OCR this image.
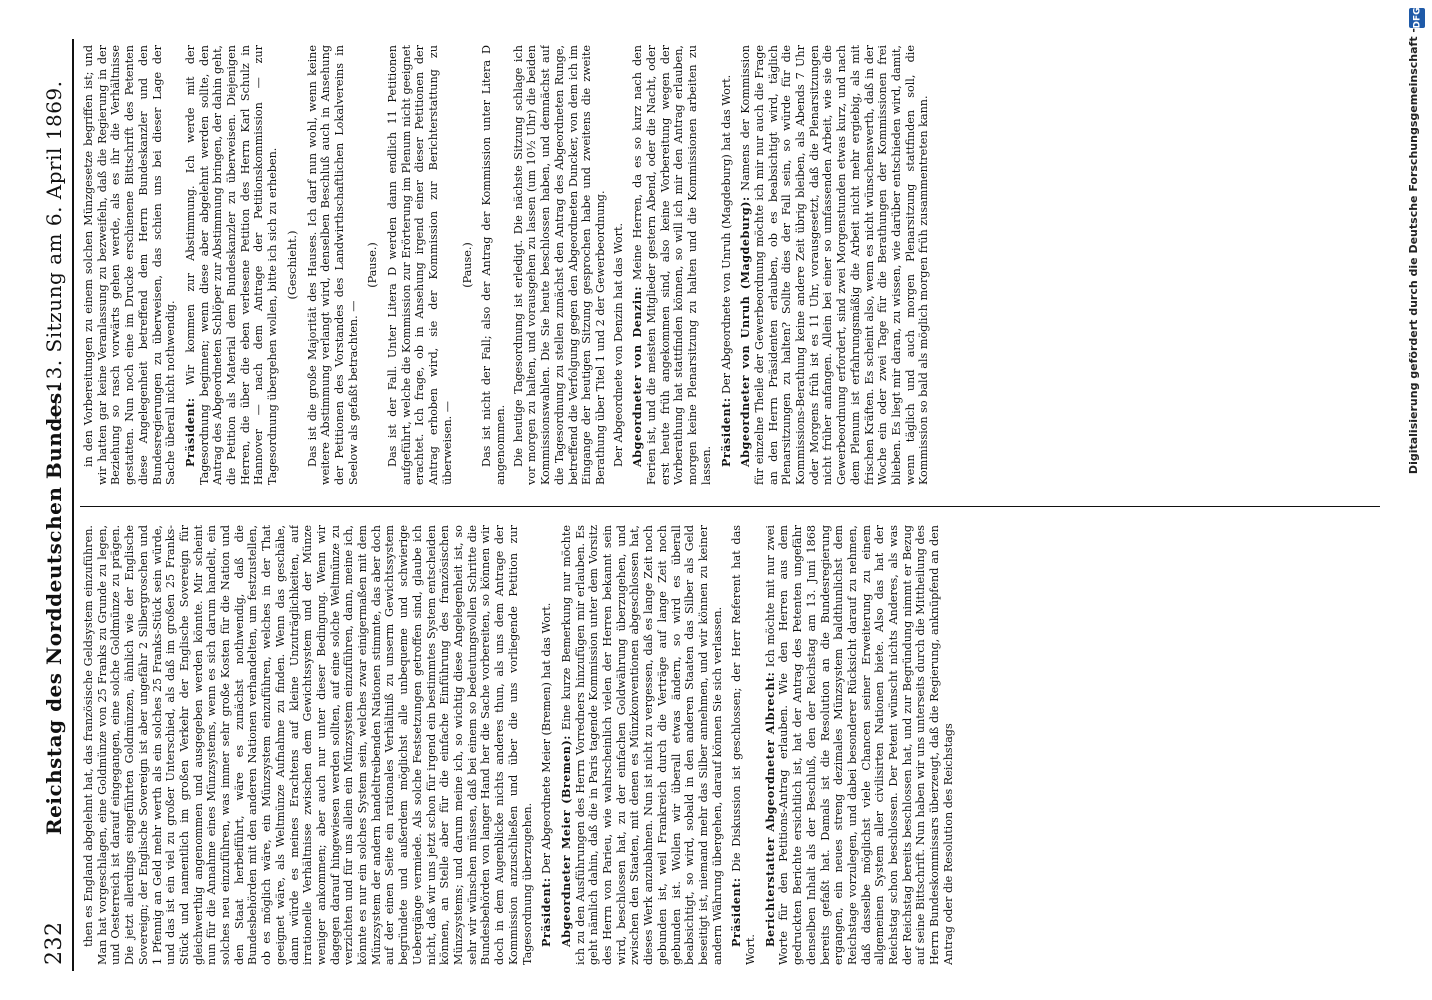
232
Reichstag des Norddeutschen Bundes.
— 13. Sitzung am 6. April 1869.

then es England abgelehnt hat, das französische Geldsystem einzuführen. Man hat vorgeschlagen, eine Goldmünze von 25 Franks zu Grunde zu legen, und Oesterreich ist darauf eingegangen, eine solche Goldmünze zu prägen. Die jetzt allerdings eingeführten Goldmünzen, ähnlich wie der Englische Sovereign; der Englische Sovereign ist aber ungefähr 2 Silbergroschen und 1 Pfennig an Geld mehr werth als ein solches 25 Franks-Stück sein würde, und das ist ein viel zu großer Unterschied, als daß im großen 25 Franks-Stück und namentlich im großen Verkehr der Englische Sovereign für gleichwerthig angenommen und ausgegeben werden könnte. Mir scheint nun für die Annahme eines Münzsystems, wenn es sich darum handelt, ein solches neu einzuführen, was immer sehr große Kosten für die Nation und den Staat herbeiführt, wäre es zunächst nothwendig, daß die Bundesbehörden mit den anderen Nationen verhandelten, um festzustellen, ob es möglich wäre, ein Münzsystem einzuführen, welches in der That geeignet wäre, als Weltmünze Aufnahme zu finden. Wenn das geschähe, dann würde es meines Erachtens auf kleine Unzuträglichkeiten, auf irrationelle Verhältnisse zwischen dem Gewichtssystem und der Münze weniger ankommen; aber auch nur unter dieser Bedingung. Wenn wir dagegen darauf hingewiesen werden sollten, auf eine solche Weltmünze zu verzichten und für uns allein ein Münzsystem einzuführen, dann, meine ich, könnte es nur ein solches System sein, welches zwar einigermaßen mit dem Münzsystem der andern handeltreibenden Nationen stimmte, das aber doch auf der einen Seite ein rationales Verhältniß zu unserm Gewichtssystem begründete und außerdem möglichst alle unbequeme und schwierige Uebergänge vermiede. Als solche Festsetzungen getroffen sind, glaube ich nicht, daß wir uns jetzt schon für irgend ein bestimmtes System entscheiden können, an Stelle aber für die einfache Einführung des französischen Münzsystems; und darum meine ich, so wichtig diese Angelegenheit ist, so sehr wir wünschen müssen, daß bei einem so bedeutungsvollen Schritte die Bundesbehörden von langer Hand her die Sache vorbereiten, so können wir doch in dem Augenblicke nichts anderes thun, als uns dem Antrage der Kommission anzuschließen und über die uns vorliegende Petition zur Tagesordnung überzugehen. Präsident: Der Abgeordnete Meier (Bremen) hat das Wort. Abgeordneter Meier (Bremen): Eine kurze Bemerkung nur möchte ich zu den Ausführungen des Herrn Vorredners hinzufügen mir erlauben. Es geht nämlich dahin, daß die in Paris tagende Kommission unter dem Vorsitz des Herrn von Parieu, wie wahrscheinlich vielen der Herren bekannt sein wird, beschlossen hat, zu der einfachen Goldwährung überzugehen, und zwischen den Staaten, mit denen es Münzkonventionen abgeschlossen hat, dieses Werk anzubahnen. Nun ist nicht zu vergessen, daß es lange Zeit noch gebunden ist, weil Frankreich durch die Verträge auf lange Zeit noch gebunden ist. Wollen wir überall etwas ändern, so wird es überall beabsichtigt, so wird, sobald in den anderen Staaten das Silber als Geld beseitigt ist, niemand mehr das Silber annehmen, und wir können zu keiner andern Währung übergehen, darauf können Sie sich verlassen. Präsident: Die Diskussion ist geschlossen; der Herr Referent hat das Wort.

Berichterstatter Abgeordneter Albrecht: Ich möchte mit nur zwei Worte für den Petitions-Antrag erlauben. Wie den Herren aus dem gedruckten Berichte ersichtlich ist, hat der Antrag des Petenten ungefähr denselben Inhalt als der Beschluß, den der Reichstag am 13. Juni 1868 bereits gefaßt hat. Damals ist die Resolution an die Bundesregierung ergangen, ein neues streng dezimales Münzsystem baldthunlichst dem Reichstage vorzulegen, und dabei besonderer Rücksicht darauf zu nehmen, daß dasselbe möglichst viele Chancen seiner Erweiterung zu einem allgemeinen System aller civilisirten Nationen biete. Also das hat der Reichstag schon beschlossen. Der Petent wünscht nichts Anderes, als was der Reichstag bereits beschlossen hat, und zur Begründung nimmt er Bezug auf seine Bittschrift. Nun haben wir uns unterseits durch die Mittheilung des Herrn Bundeskommissars überzeugt, daß die Regierung, anknüpfend an den Antrag oder die Resolution des Reichstags

in den Vorbereitungen zu einem solchen Münzgesetze begriffen ist; und wir hatten gar keine Veranlassung zu bezweifeln, daß die Regierung in der Beziehung so rasch vorwärts gehen werde, als es ihr die Verhältnisse gestatten. Nun noch eine im Drucke erschienene Bittschrift des Petenten diese Angelegenheit betreffend dem Herrn Bundeskanzler und den Bundesregierungen zu überweisen, das schien uns bei dieser Lage der Sache überall nicht nothwendig. Präsident: Wir kommen zur Abstimmung. Ich werde mit der Tagesordnung beginnen; wenn diese aber abgelehnt werden sollte, den Antrag des Abgeordneten Schlöper zur Abstimmung bringen, der dahin geht, die Petition als Material dem Bundeskanzler zu überweisen. Diejenigen Herren, die über die eben verlesene Petition des Herrn Karl Schulz in Hannover — nach dem Antrage der Petitionskommission — zur Tagesordnung übergehen wollen, bitte ich sich zu erheben. (Geschieht.) Das ist die große Majorität des Hauses. Ich darf nun wohl, wenn keine weitere Abstimmung verlangt wird, denselben Beschluß auch in Ansehung der Petitionen des Vorstandes des Landwirthschaftlichen Lokalvereins in Seelow als gefaßt betrachten. —

(Pause.) Das ist der Fall. Unter Litera D werden dann endlich 11 Petitionen aufgeführt, welche die Kommission zur Erörterung im Plenum nicht geeignet erachtet. Ich frage, ob in Ansehung irgend einer dieser Petitionen der Antrag erhoben wird, sie der Kommission zur Berichterstattung zu überweisen. —

(Pause.) Das ist nicht der Fall; also der Antrag der Kommission unter Litera D angenommen. Die heutige Tagesordnung ist erledigt. Die nächste Sitzung schlage ich vor morgen zu halten, und vorausgehen zu lassen (um 10½ Uhr) die beiden Kommissionswahlen. Die Sie heute beschlossen haben, und demnächst auf die Tagesordnung zu stellen zunächst den Antrag des Abgeordneten Runge, betreffend die Verfolgung gegen den Abgeordneten Duncker, von dem ich im Eingange der heutigen Sitzung gesprochen habe und zweitens die zweite Berathung über Titel 1 und 2 der Gewerbeordnung. Der Abgeordnete von Denzin hat das Wort. Abgeordneter von Denzin: Meine Herren, da es so kurz nach den Ferien ist, und die meisten Mitglieder gestern Abend, oder die Nacht, oder erst heute früh angekommen sind, also keine Vorbereitung wegen der Vorberathung hat stattfinden können, so will ich mir den Antrag erlauben, morgen keine Plenarsitzung zu halten und die Kommissionen arbeiten zu lassen. Präsident: Der Abgeordnete von Unruh (Magdeburg) hat das Wort. Abgeordneter von Unruh (Magdeburg): Namens der Kommission für einzelne Theile der Gewerbeordnung möchte ich mir nur auch die Frage an den Herrn Präsidenten erlauben, ob es beabsichtigt wird, täglich Plenarsitzungen zu halten? Sollte dies der Fall sein, so würde für die Kommissions-Berathung keine andere Zeit übrig bleiben, als Abends 7 Uhr oder Morgens früh ist es 11 Uhr, vorausgesetzt, daß die Plenarsitzungen nicht früher anfangen. Allein bei einer so umfassenden Arbeit, wie sie die Gewerbeordnung erfordert, sind zwei Morgenstunden etwas kurz, und nach dem Plenum ist erfahrungsmäßig die Arbeit nicht mehr ergiebig, als mit frischen Kräften. Es scheint also, wenn es nicht wünschenswerth, daß in der Woche ein oder zwei Tage für die Berathungen der Kommissionen frei blieben. Es liegt mir daran, zu wissen, wie darüber entschieden wird, damit, wenn täglich und auch morgen Plenarsitzung stattfinden soll, die Kommission so bald als möglich morgen früh zusammentreten kann.	Digitalisierung gefördert durch die Deutsche Forschungsgemeinschaft -
DFG
